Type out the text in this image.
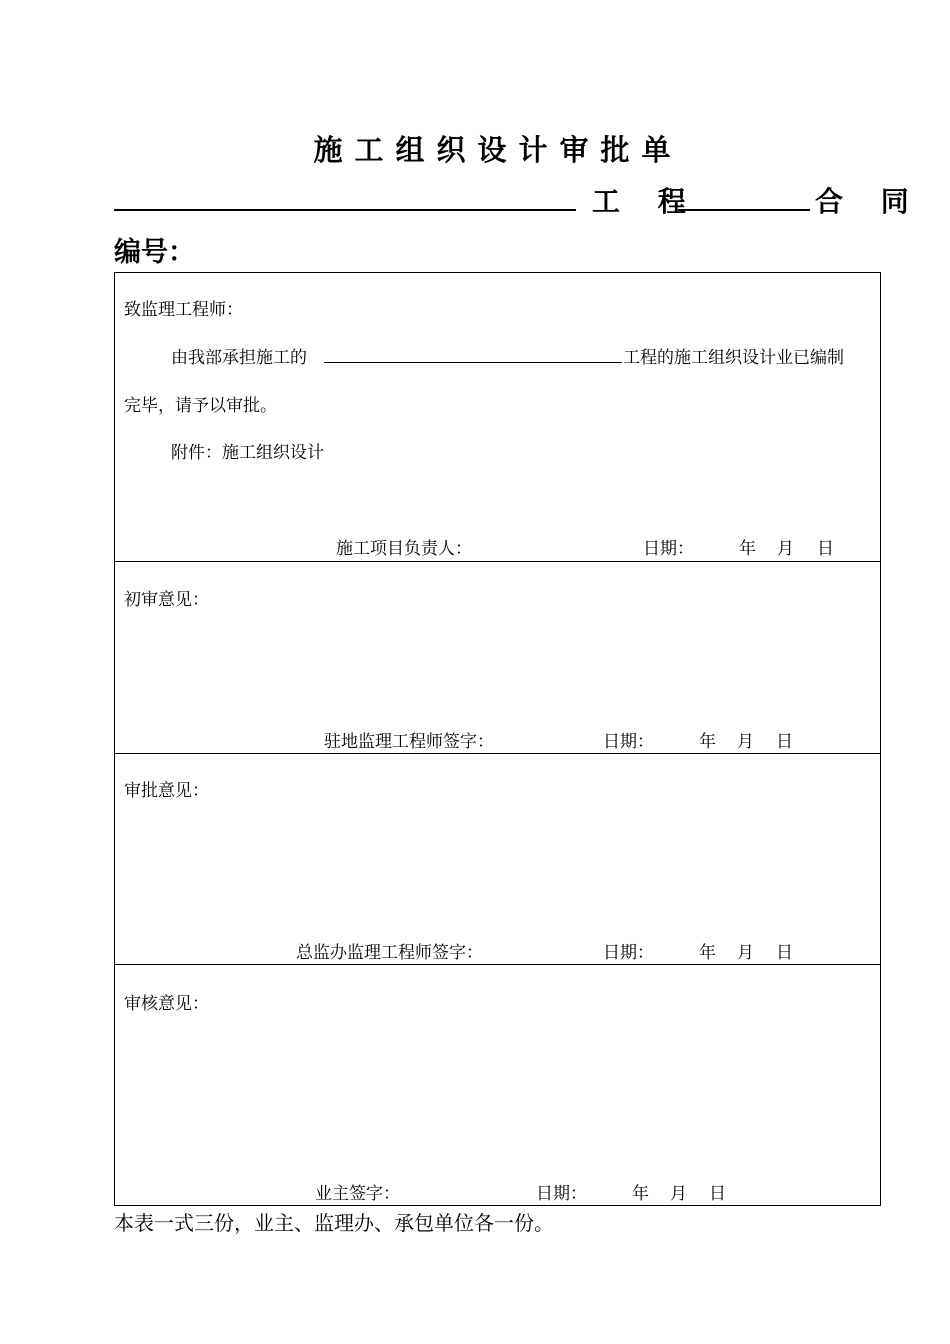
施工组织设计审批单
工 程	合 同
编号：
致监理工程师：
由我部承担施工的	工程的施工组织设计业已编制
完毕，请予以审批。
附件：施工组织设计
施工项目负责人：	日期：	年 月 日
初审意见：
驻地监理工程师签字：	日期：	年 月 日
审批意见：
总监办监理工程师签字：	日期：	年 月 日
审核意见：
业主签字：	日期：	年 月 日
本表一式三份，业主、监理办、承包单位各一份。
